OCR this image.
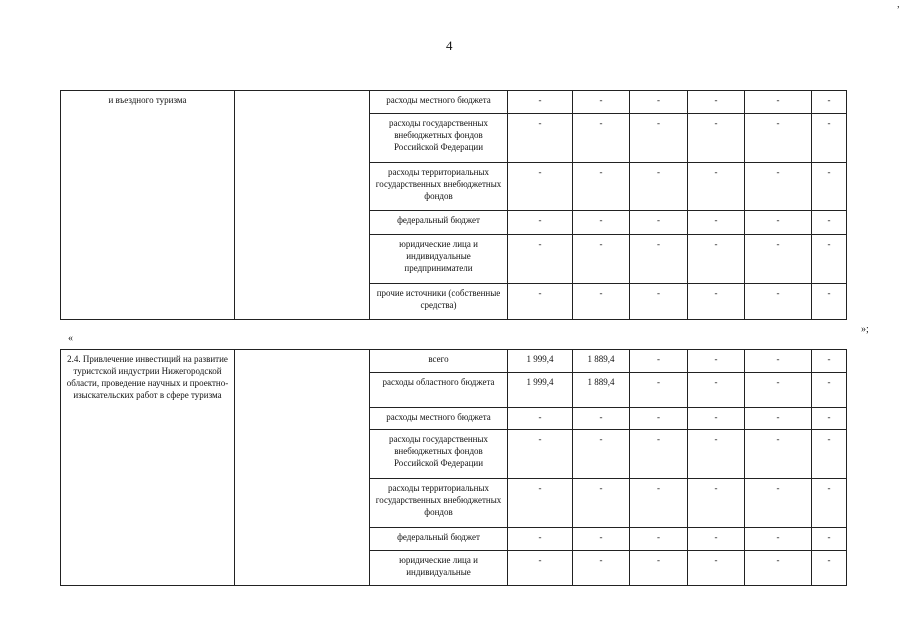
4
,
и въездного туризма		расходы местного бюджета	-	-	-	-	-	-
		расходы государственных внебюджетных фондов Российской Федерации	-	-	-	-	-	-
		расходы территориальных государственных внебюджетных фондов	-	-	-	-	-	-
		федеральный бюджет	-	-	-	-	-	-
		юридические лица и индивидуальные предприниматели	-	-	-	-	-	-
		прочие источники (собственные средства)	-	-	-	-	-	-
«
»;
2.4. Привлечение инвестиций на развитие туристской индустрии Нижегородской области, проведение научных и проектно-изыскательских работ в сфере туризма		всего	1 999,4	1 889,4	-	-	-	-
		расходы областного бюджета	1 999,4	1 889,4	-	-	-	-
		расходы местного бюджета	-	-	-	-	-	-
		расходы государственных внебюджетных фондов Российской Федерации	-	-	-	-	-	-
		расходы территориальных государственных внебюджетных фондов	-	-	-	-	-	-
		федеральный бюджет	-	-	-	-	-	-
		юридические лица и индивидуальные	-	-	-	-	-	-
